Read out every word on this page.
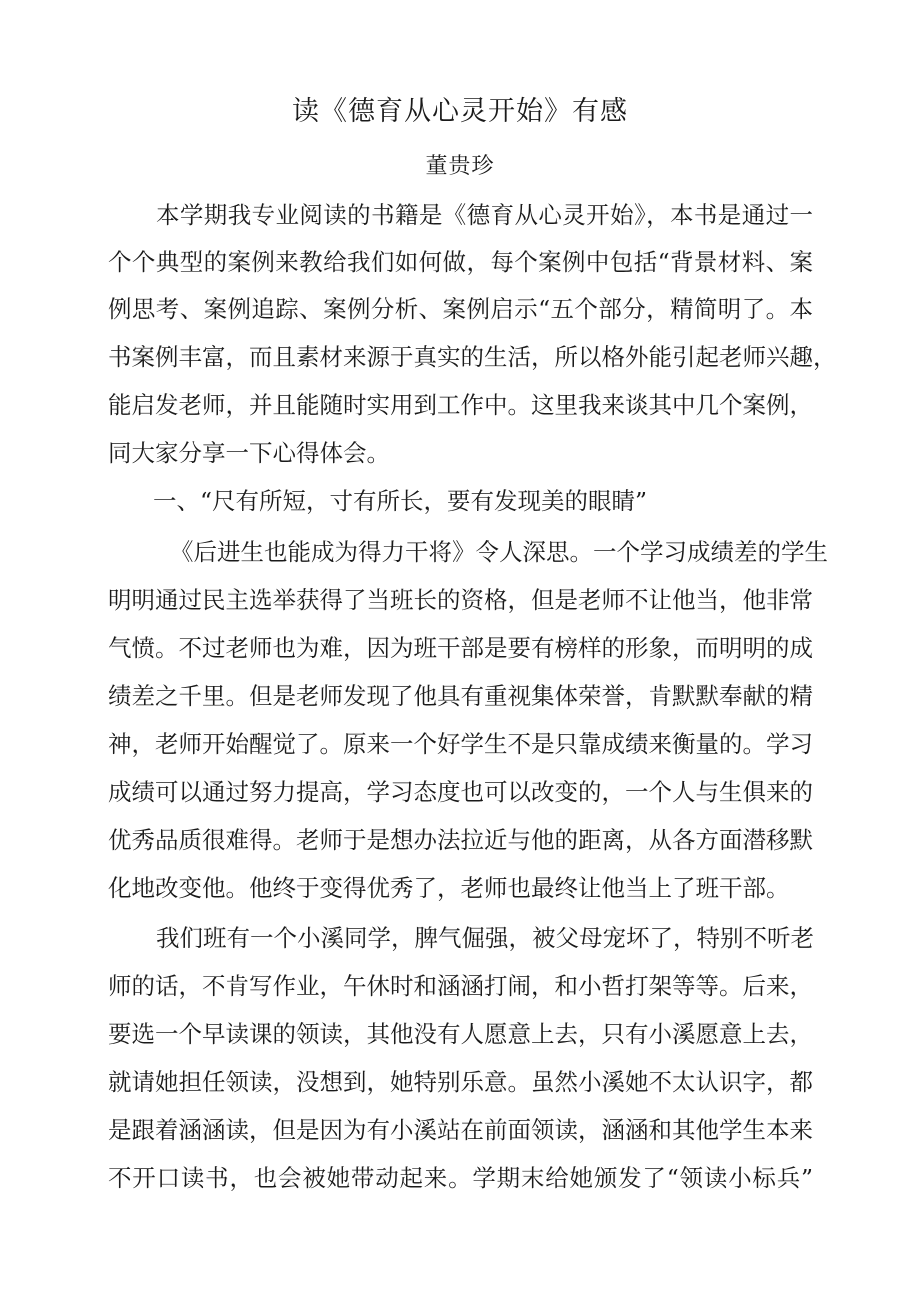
读《德育从心灵开始》有感
董贵珍
本学期我专业阅读的书籍是《德育从心灵开始》，本书是通过一
个个典型的案例来教给我们如何做，每个案例中包括“背景材料、案
例思考、案例追踪、案例分析、案例启示“五个部分，精简明了。本
书案例丰富，而且素材来源于真实的生活，所以格外能引起老师兴趣，
能启发老师，并且能随时实用到工作中。这里我来谈其中几个案例，
同大家分享一下心得体会。
一、“尺有所短，寸有所长，要有发现美的眼睛”
《后进生也能成为得力干将》令人深思。一个学习成绩差的学生
明明通过民主选举获得了当班长的资格，但是老师不让他当，他非常
气愤。不过老师也为难，因为班干部是要有榜样的形象，而明明的成
绩差之千里。但是老师发现了他具有重视集体荣誉，肯默默奉献的精
神，老师开始醒觉了。原来一个好学生不是只靠成绩来衡量的。学习
成绩可以通过努力提高，学习态度也可以改变的，一个人与生俱来的
优秀品质很难得。老师于是想办法拉近与他的距离，从各方面潜移默
化地改变他。他终于变得优秀了，老师也最终让他当上了班干部。
我们班有一个小溪同学，脾气倔强，被父母宠坏了，特别不听老
师的话，不肯写作业，午休时和涵涵打闹，和小哲打架等等。后来，
要选一个早读课的领读，其他没有人愿意上去，只有小溪愿意上去，
就请她担任领读，没想到，她特别乐意。虽然小溪她不太认识字，都
是跟着涵涵读，但是因为有小溪站在前面领读，涵涵和其他学生本来
不开口读书，也会被她带动起来。学期末给她颁发了“领读小标兵”
